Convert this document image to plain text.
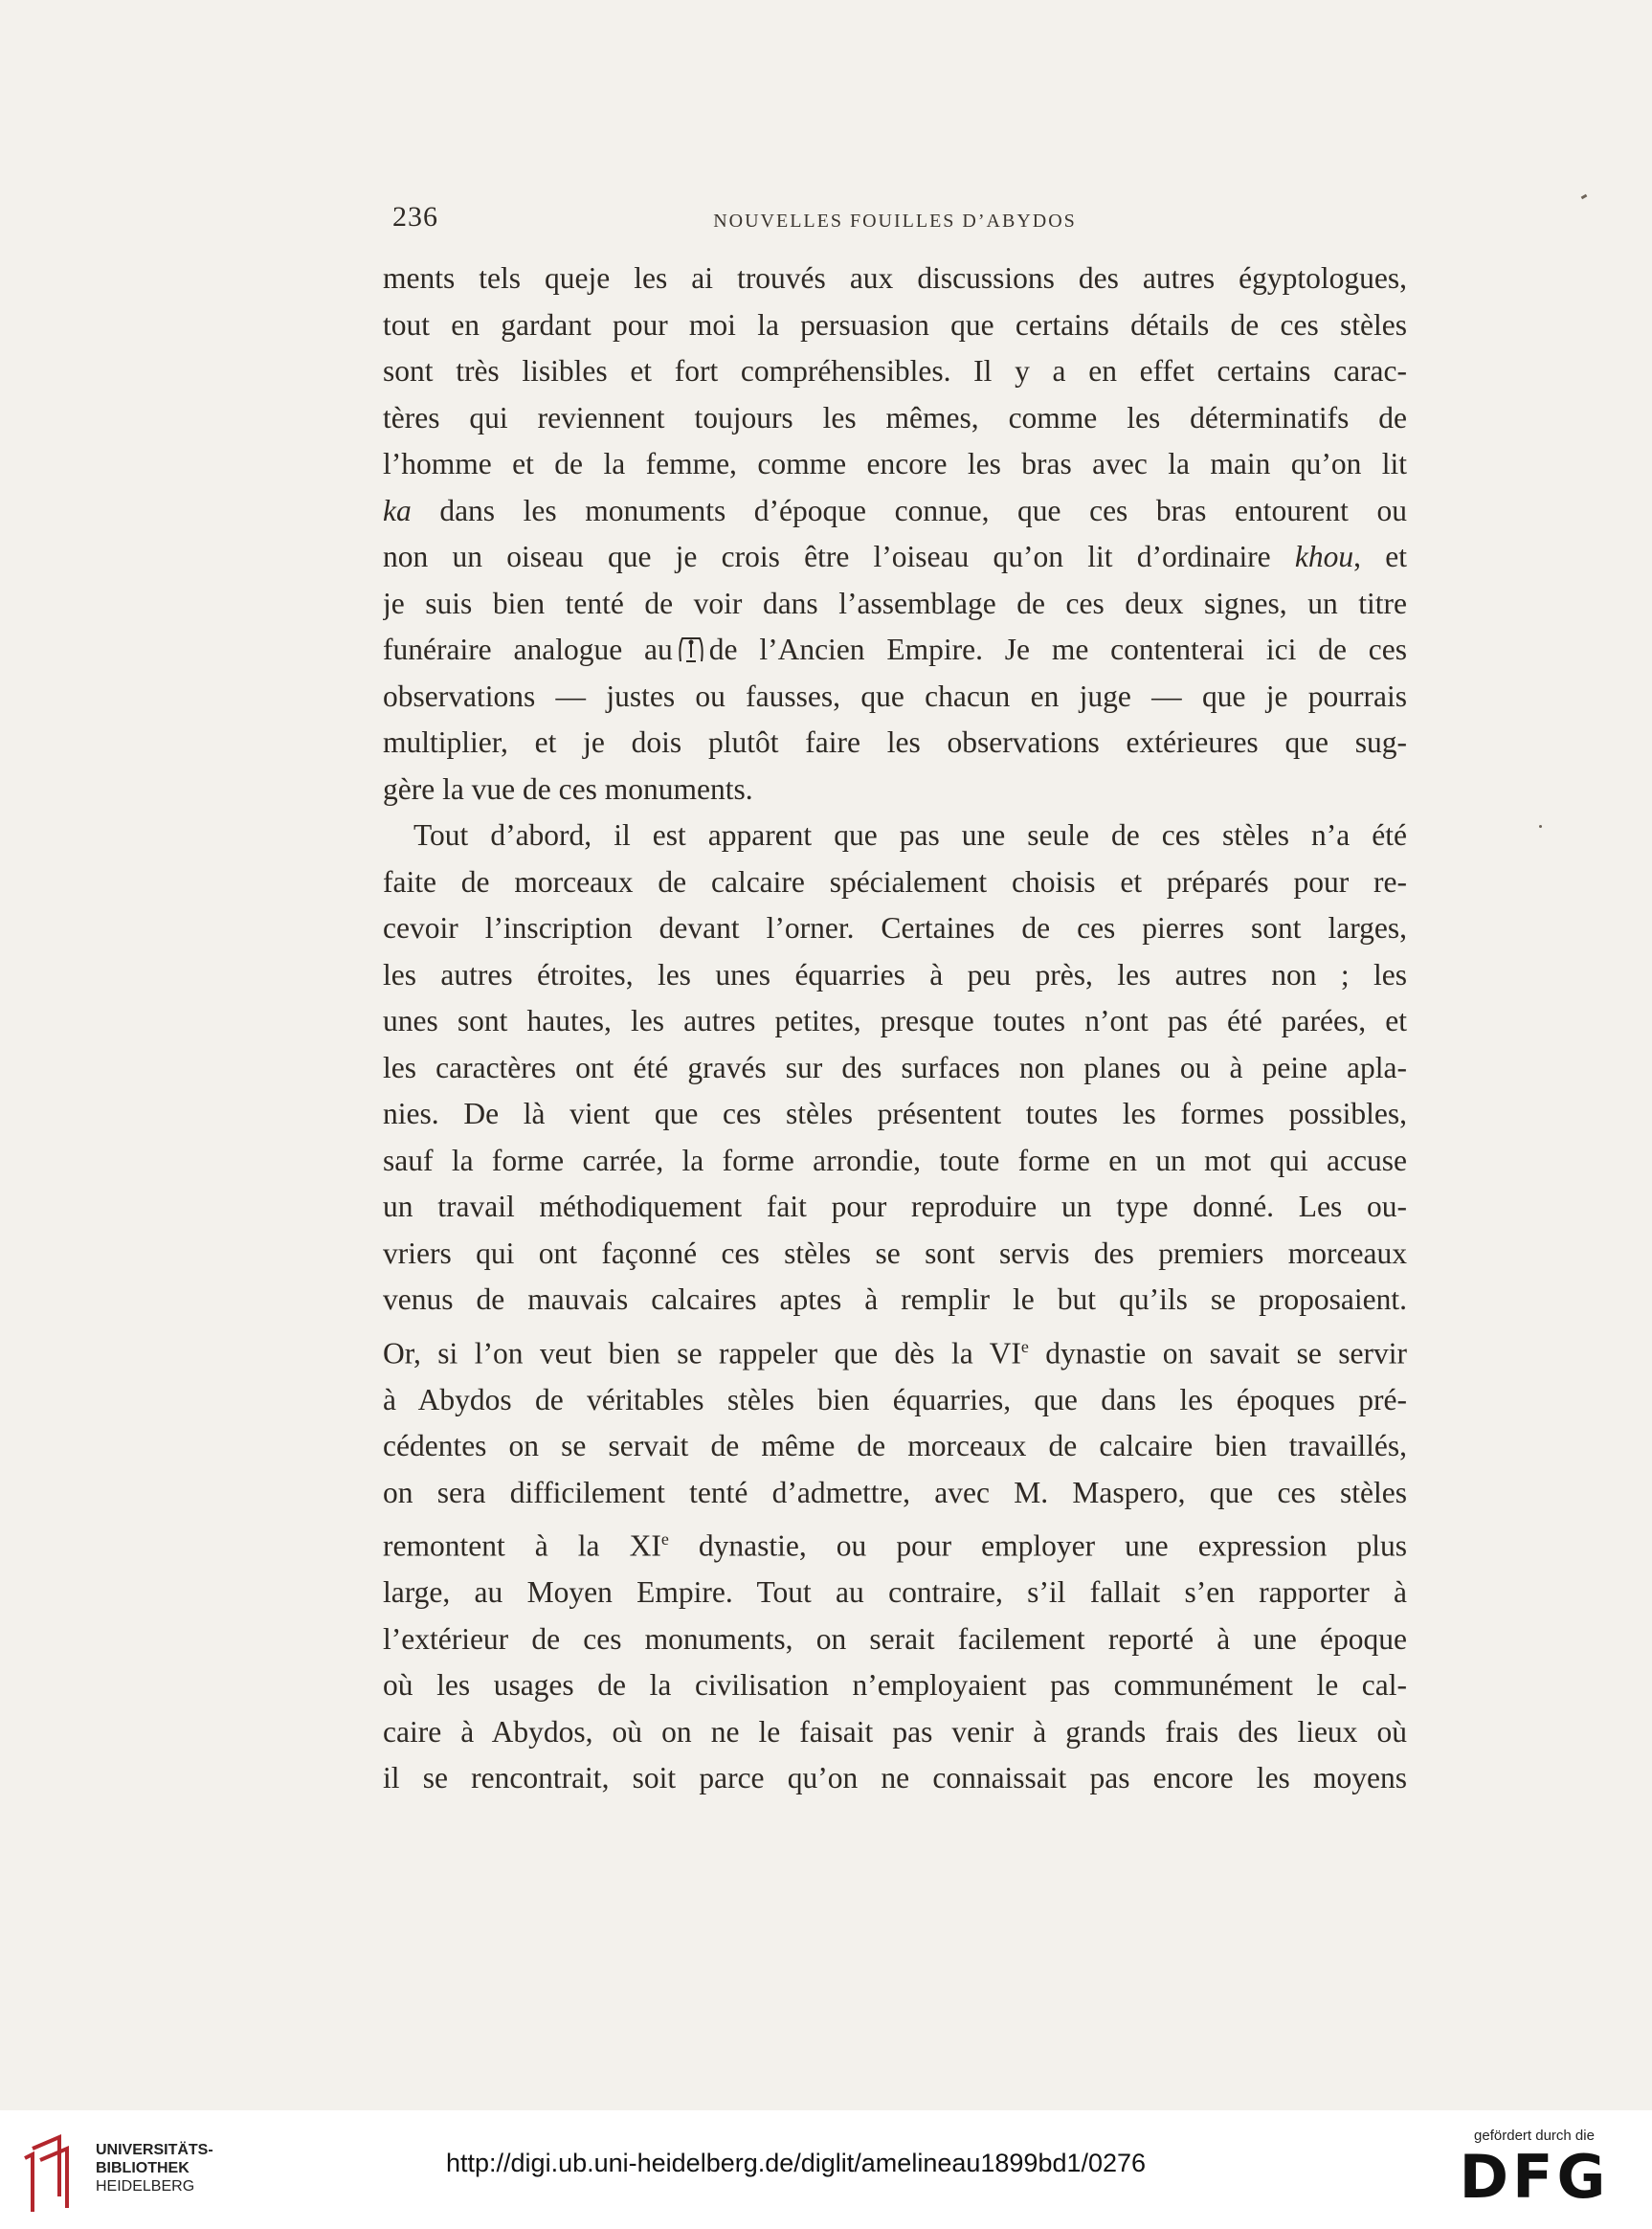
236	NOUVELLES FOUILLES D’ABYDOS
ments tels queje les ai trouvés aux discussions des autres égyptologues,
tout en gardant pour moi la persuasion que certains détails de ces stèles
sont très lisibles et fort compréhensibles. Il y a en effet certains carac-
tères qui reviennent toujours les mêmes, comme les déterminatifs de
l’homme et de la femme, comme encore les bras avec la main qu’on lit
ka dans les monuments d’époque connue, que ces bras entourent ou
non un oiseau que je crois être l’oiseau qu’on lit d’ordinaire khou, et
je suis bien tenté de voir dans l’assemblage de ces deux signes, un titre
funéraire analogue au de l’Ancien Empire. Je me contenterai ici de ces
observations — justes ou fausses, que chacun en juge — que je pourrais
multiplier, et je dois plutôt faire les observations extérieures que sug-
gère la vue de ces monuments.
Tout d’abord, il est apparent que pas une seule de ces stèles n’a été
faite de morceaux de calcaire spécialement choisis et préparés pour re-
cevoir l’inscription devant l’orner. Certaines de ces pierres sont larges,
les autres étroites, les unes équarries à peu près, les autres non ; les
unes sont hautes, les autres petites, presque toutes n’ont pas été parées, et
les caractères ont été gravés sur des surfaces non planes ou à peine apla-
nies. De là vient que ces stèles présentent toutes les formes possibles,
sauf la forme carrée, la forme arrondie, toute forme en un mot qui accuse
un travail méthodiquement fait pour reproduire un type donné. Les ou-
vriers qui ont façonné ces stèles se sont servis des premiers morceaux
venus de mauvais calcaires aptes à remplir le but qu’ils se proposaient.
Or, si l’on veut bien se rappeler que dès la VIe dynastie on savait se servir
à Abydos de véritables stèles bien équarries, que dans les époques pré-
cédentes on se servait de même de morceaux de calcaire bien travaillés,
on sera difficilement tenté d’admettre, avec M. Maspero, que ces stèles
remontent à la XIe dynastie, ou pour employer une expression plus
large, au Moyen Empire. Tout au contraire, s’il fallait s’en rapporter à
l’extérieur de ces monuments, on serait facilement reporté à une époque
où les usages de la civilisation n’employaient pas communément le cal-
caire à Abydos, où on ne le faisait pas venir à grands frais des lieux où
il se rencontrait, soit parce qu’on ne connaissait pas encore les moyens
UNIVERSITÄTS-
BIBLIOTHEK
HEIDELBERG
http://digi.ub.uni-heidelberg.de/diglit/amelineau1899bd1/0276
gefördert durch die
DFG
